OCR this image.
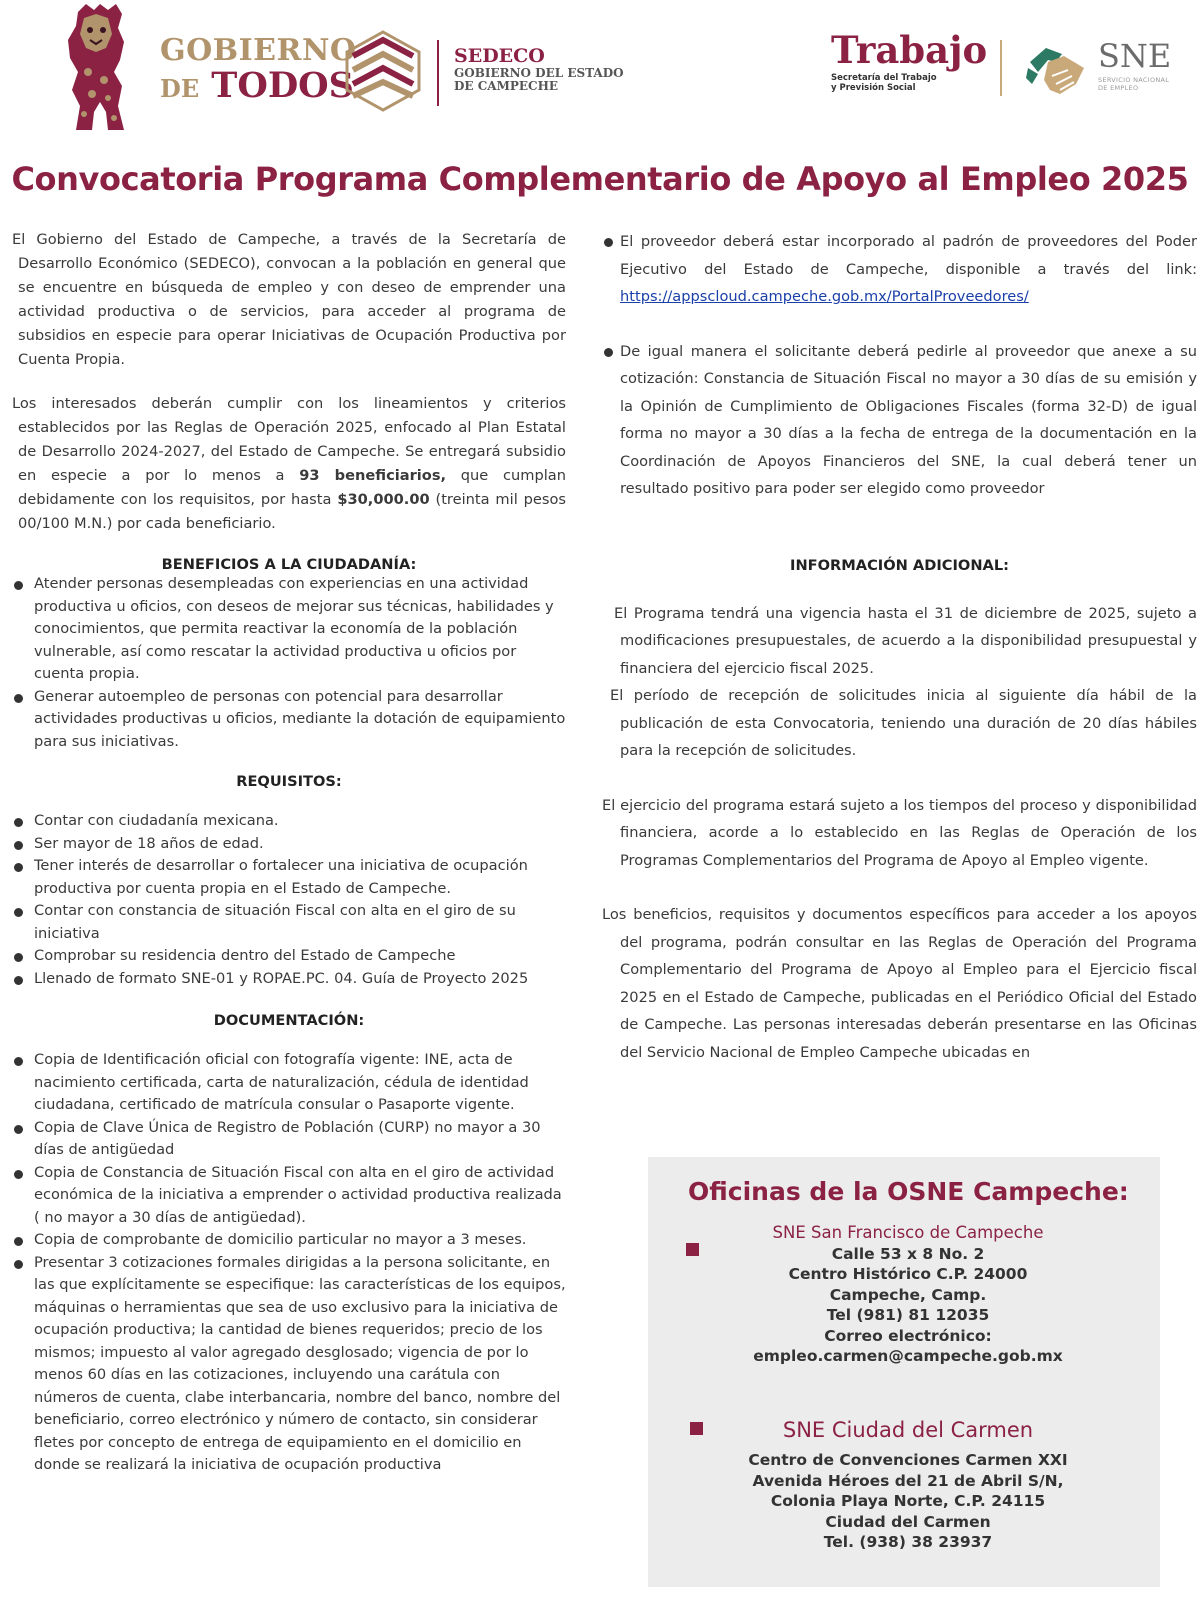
GOBIERNO
DE TODOS
SEDECO
GOBIERNO DEL ESTADO
DE CAMPECHE
Trabajo
Secretaría del Trabajo
y Previsión Social
SNE
SERVICIO NACIONAL
DE EMPLEO
Convocatoria Programa Complementario de Apoyo al Empleo 2025

El Gobierno del Estado de Campeche, a través de la Secretaría de Desarrollo Económico (SEDECO), convocan a la población en general que se encuentre en búsqueda de empleo y con deseo de emprender una actividad productiva o de servicios, para acceder al programa de subsidios en especie para operar Iniciativas de Ocupación Productiva por Cuenta Propia.

Los interesados deberán cumplir con los lineamientos y criterios establecidos por las Reglas de Operación 2025, enfocado al Plan Estatal de Desarrollo 2024-2027, del Estado de Campeche. Se entregará subsidio en especie a por lo menos a 93 beneficiarios, que cumplan debidamente con los requisitos, por hasta $30,000.00 (treinta mil pesos 00/100 M.N.) por cada beneficiario.

BENEFICIOS A LA CIUDADANÍA:
Atender personas desempleadas con experiencias en una actividad productiva u oficios, con deseos de mejorar sus técnicas, habilidades y conocimientos, que permita reactivar la economía de la población vulnerable, así como rescatar la actividad productiva u oficios por cuenta propia.
Generar autoempleo de personas con potencial para desarrollar actividades productivas u oficios, mediante la dotación de equipamiento para sus iniciativas.
REQUISITOS:
Contar con ciudadanía mexicana.
Ser mayor de 18 años de edad.
Tener interés de desarrollar o fortalecer una iniciativa de ocupación productiva por cuenta propia en el Estado de Campeche.
Contar con constancia de situación Fiscal con alta en el giro de su iniciativa
Comprobar su residencia dentro del Estado de Campeche
Llenado de formato SNE-01 y ROPAE.PC. 04. Guía de Proyecto 2025
DOCUMENTACIÓN:
Copia de Identificación oficial con fotografía vigente: INE, acta de nacimiento certificada, carta de naturalización, cédula de identidad ciudadana, certificado de matrícula consular o Pasaporte vigente.
Copia de Clave Única de Registro de Población (CURP) no mayor a 30 días de antigüedad
Copia de Constancia de Situación Fiscal con alta en el giro de actividad económica de la iniciativa a emprender o actividad productiva realizada ( no mayor a 30 días de antigüedad).
Copia de comprobante de domicilio particular no mayor a 3 meses.
Presentar 3 cotizaciones formales dirigidas a la persona solicitante, en las que explícitamente se especifique: las características de los equipos, máquinas o herramientas que sea de uso exclusivo para la iniciativa de ocupación productiva; la cantidad de bienes requeridos; precio de los mismos; impuesto al valor agregado desglosado; vigencia de por lo menos 60 días en las cotizaciones, incluyendo una carátula con números de cuenta, clabe interbancaria, nombre del banco, nombre del beneficiario, correo electrónico y número de contacto, sin considerar fletes por concepto de entrega de equipamiento en el domicilio en donde se realizará la iniciativa de ocupación productiva
El proveedor deberá estar incorporado al padrón de proveedores del Poder Ejecutivo del Estado de Campeche, disponible a través del link: https://appscloud.campeche.gob.mx/PortalProveedores/
De igual manera el solicitante deberá pedirle al proveedor que anexe a su cotización: Constancia de Situación Fiscal no mayor a 30 días de su emisión y la Opinión de Cumplimiento de Obligaciones Fiscales (forma 32-D) de igual forma no mayor a 30 días a la fecha de entrega de la documentación en la Coordinación de Apoyos Financieros del SNE, la cual deberá tener un resultado positivo para poder ser elegido como proveedor
INFORMACIÓN ADICIONAL:

El Programa tendrá una vigencia hasta el 31 de diciembre de 2025, sujeto a modificaciones presupuestales, de acuerdo a la disponibilidad presupuestal y financiera del ejercicio fiscal 2025.

El período de recepción de solicitudes inicia al siguiente día hábil de la publicación de esta Convocatoria, teniendo una duración de 20 días hábiles para la recepción de solicitudes.

El ejercicio del programa estará sujeto a los tiempos del proceso y disponibilidad financiera, acorde a lo establecido en las Reglas de Operación de los Programas Complementarios del Programa de Apoyo al Empleo vigente.

Los beneficios, requisitos y documentos específicos para acceder a los apoyos del programa, podrán consultar en las Reglas de Operación del Programa Complementario del Programa de Apoyo al Empleo para el Ejercicio fiscal 2025 en el Estado de Campeche, publicadas en el Periódico Oficial del Estado de Campeche. Las personas interesadas deberán presentarse en las Oficinas del Servicio Nacional de Empleo Campeche ubicadas en

Oficinas de la OSNE Campeche:
SNE San Francisco de Campeche
Calle 53 x 8 No. 2
Centro Histórico C.P. 24000
Campeche, Camp.
Tel (981) 81 12035
Correo electrónico:
empleo.carmen@campeche.gob.mx
SNE Ciudad del Carmen
Centro de Convenciones Carmen XXI
Avenida Héroes del 21 de Abril S/N,
Colonia Playa Norte, C.P. 24115
Ciudad del Carmen
Tel. (938) 38 23937
